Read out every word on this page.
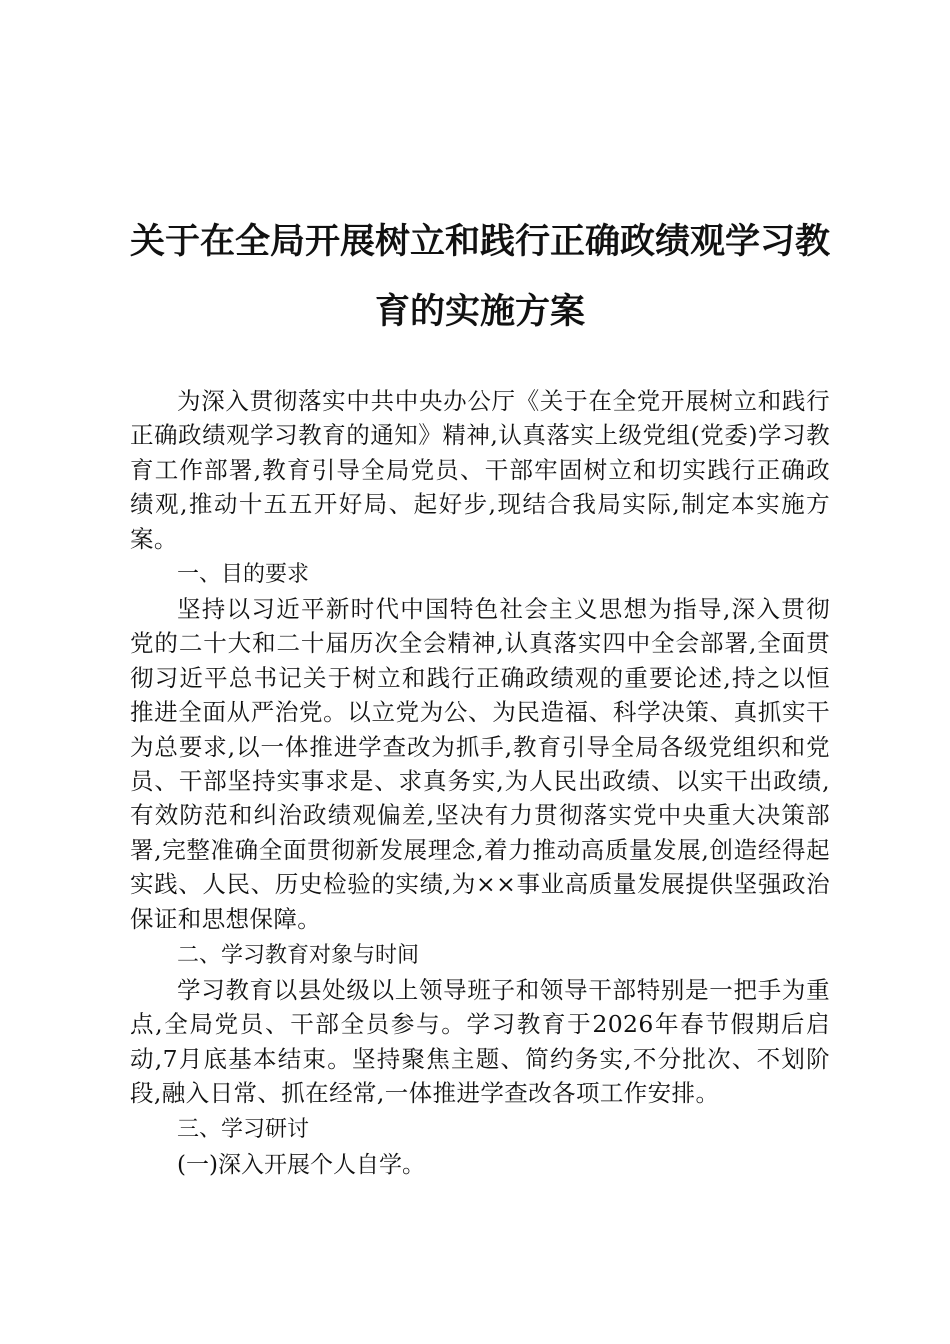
关于在全局开展树立和践行正确政绩观学习教
育的实施方案

为深入贯彻落实中共中央办公厅《关于在全党开展树立和践行正确政绩观学习教育的通知》精神,认真落实上级党组(党委)学习教育工作部署,教育引导全局党员、干部牢固树立和切实践行正确政绩观,推动十五五开好局、起好步,现结合我局实际,制定本实施方案。

一、目的要求

坚持以习近平新时代中国特色社会主义思想为指导,深入贯彻党的二十大和二十届历次全会精神,认真落实四中全会部署,全面贯彻习近平总书记关于树立和践行正确政绩观的重要论述,持之以恒推进全面从严治党。以立党为公、为民造福、科学决策、真抓实干为总要求,以一体推进学查改为抓手,教育引导全局各级党组织和党员、干部坚持实事求是、求真务实,为人民出政绩、以实干出政绩,有效防范和纠治政绩观偏差,坚决有力贯彻落实党中央重大决策部署,完整准确全面贯彻新发展理念,着力推动高质量发展,创造经得起实践、人民、历史检验的实绩,为××事业高质量发展提供坚强政治保证和思想保障。

二、学习教育对象与时间

学习教育以县处级以上领导班子和领导干部特别是一把手为重点,全局党员、干部全员参与。学习教育于2026年春节假期后启动,7月底基本结束。坚持聚焦主题、简约务实,不分批次、不划阶段,融入日常、抓在经常,一体推进学查改各项工作安排。

三、学习研讨

(一)深入开展个人自学。
